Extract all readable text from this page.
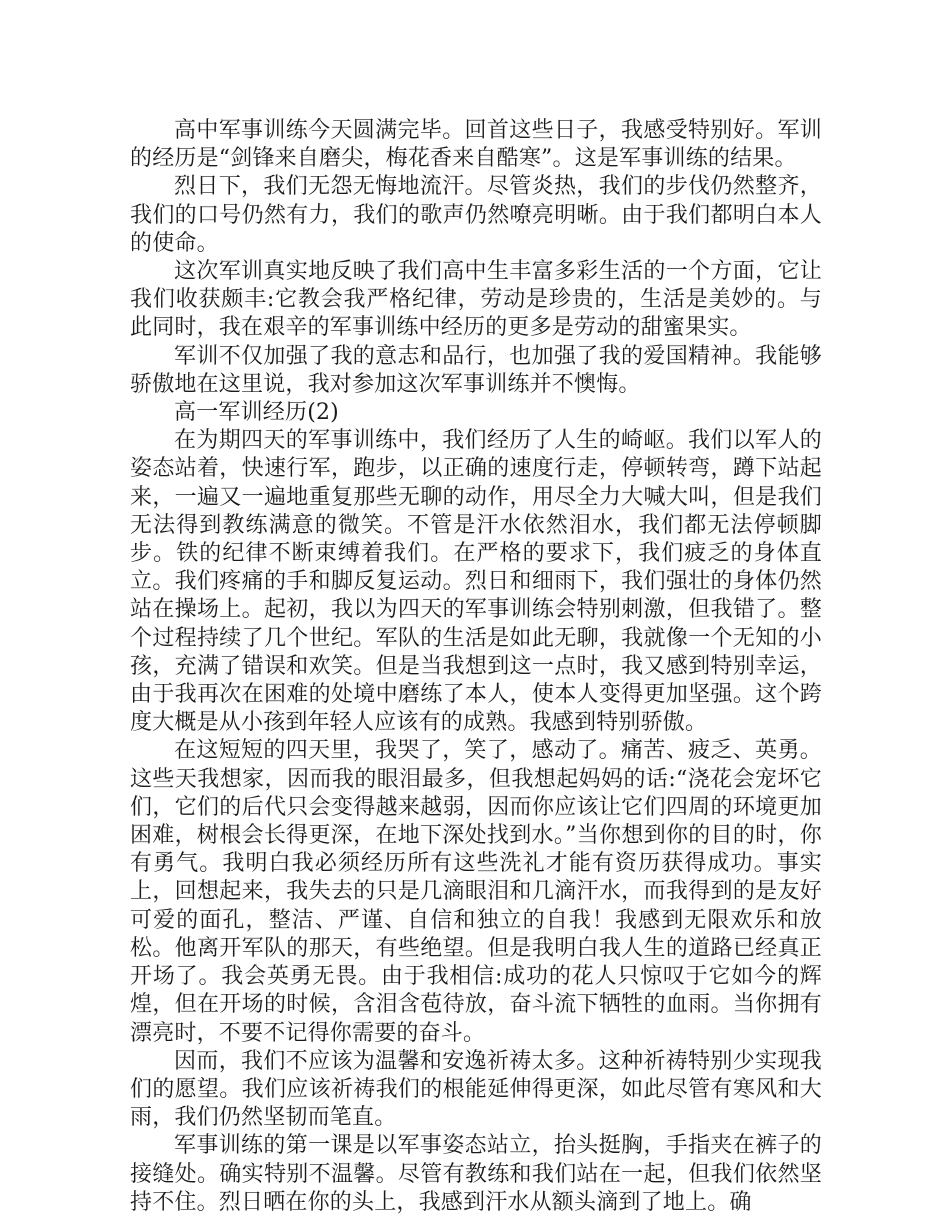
高中军事训练今天圆满完毕。回首这些日子，我感受特别好。军训的经历是“剑锋来自磨尖，梅花香来自酷寒”。这是军事训练的结果。

烈日下，我们无怨无悔地流汗。尽管炎热，我们的步伐仍然整齐，我们的口号仍然有力，我们的歌声仍然嘹亮明晰。由于我们都明白本人的使命。

这次军训真实地反映了我们高中生丰富多彩生活的一个方面，它让我们收获颇丰:它教会我严格纪律，劳动是珍贵的，生活是美妙的。与此同时，我在艰辛的军事训练中经历的更多是劳动的甜蜜果实。

军训不仅加强了我的意志和品行，也加强了我的爱国精神。我能够骄傲地在这里说，我对参加这次军事训练并不懊悔。

高一军训经历(2)

在为期四天的军事训练中，我们经历了人生的崎岖。我们以军人的姿态站着，快速行军，跑步，以正确的速度行走，停顿转弯，蹲下站起来，一遍又一遍地重复那些无聊的动作，用尽全力大喊大叫，但是我们无法得到教练满意的微笑。不管是汗水依然泪水，我们都无法停顿脚步。铁的纪律不断束缚着我们。在严格的要求下，我们疲乏的身体直立。我们疼痛的手和脚反复运动。烈日和细雨下，我们强壮的身体仍然站在操场上。起初，我以为四天的军事训练会特别刺激，但我错了。整个过程持续了几个世纪。军队的生活是如此无聊，我就像一个无知的小孩，充满了错误和欢笑。但是当我想到这一点时，我又感到特别幸运，由于我再次在困难的处境中磨练了本人，使本人变得更加坚强。这个跨度大概是从小孩到年轻人应该有的成熟。我感到特别骄傲。

在这短短的四天里，我哭了，笑了，感动了。痛苦、疲乏、英勇。这些天我想家，因而我的眼泪最多，但我想起妈妈的话:“浇花会宠坏它们，它们的后代只会变得越来越弱，因而你应该让它们四周的环境更加困难，树根会长得更深，在地下深处找到水。”当你想到你的目的时，你有勇气。我明白我必须经历所有这些洗礼才能有资历获得成功。事实上，回想起来，我失去的只是几滴眼泪和几滴汗水，而我得到的是友好可爱的面孔，整洁、严谨、自信和独立的自我！我感到无限欢乐和放松。他离开军队的那天，有些绝望。但是我明白我人生的道路已经真正开场了。我会英勇无畏。由于我相信:成功的花人只惊叹于它如今的辉煌，但在开场的时候，含泪含苞待放，奋斗流下牺牲的血雨。当你拥有漂亮时，不要不记得你需要的奋斗。

因而，我们不应该为温馨和安逸祈祷太多。这种祈祷特别少实现我们的愿望。我们应该祈祷我们的根能延伸得更深，如此尽管有寒风和大雨，我们仍然坚韧而笔直。

军事训练的第一课是以军事姿态站立，抬头挺胸，手指夹在裤子的接缝处。确实特别不温馨。尽管有教练和我们站在一起，但我们依然坚持不住。烈日晒在你的头上，我感到汗水从额头滴到了地上。确
